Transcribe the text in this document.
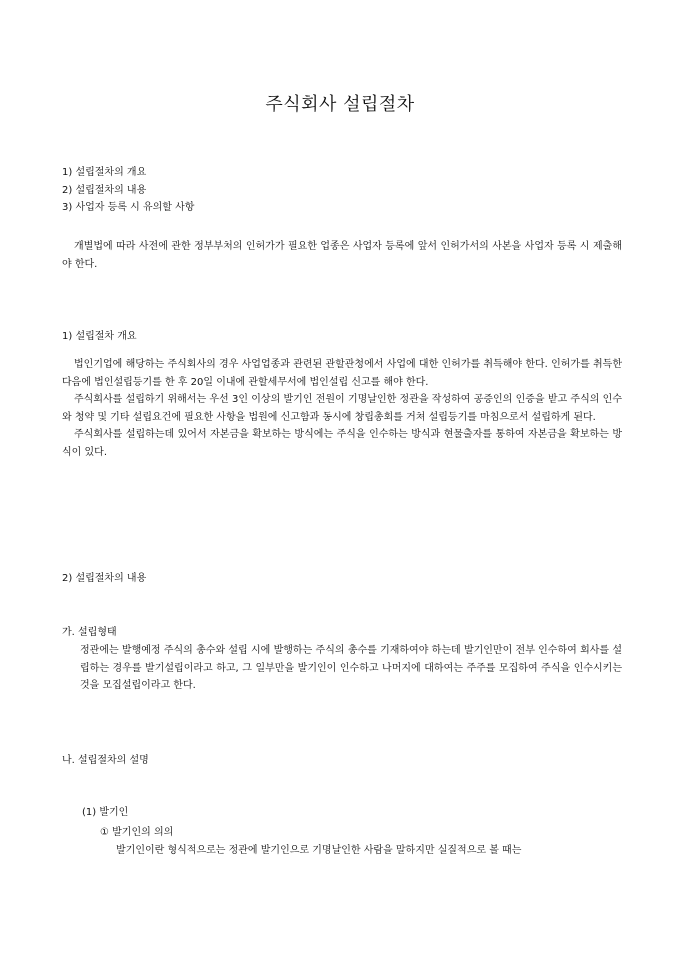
주식회사 설립절차
1) 설립절차의 개요
2) 설립절차의 내용
3) 사업자 등록 시 유의할 사항

개별법에 따라 사전에 관한 정부부처의 인허가가 필요한 업종은 사업자 등록에 앞서 인허가서의 사본을 사업자 등록 시 제출해야 한다.

1) 설립절차 개요

법인기업에 해당하는 주식회사의 경우 사업업종과 관련된 관할관청에서 사업에 대한 인허가를 취득해야 한다. 인허가를 취득한 다음에 법인설립등기를 한 후 20일 이내에 관할세무서에 법인설립 신고를 해야 한다.

주식회사를 설립하기 위해서는 우선 3인 이상의 발기인 전원이 기명날인한 정관을 작성하여 공증인의 인증을 받고 주식의 인수와 청약 및 기타 설립요건에 필요한 사항을 법원에 신고함과 동시에 창립총회를 거쳐 설립등기를 마침으로서 설립하게 된다.

주식회사를 설립하는데 있어서 자본금을 확보하는 방식에는 주식을 인수하는 방식과 현물출자를 통하여 자본금을 확보하는 방식이 있다.

2) 설립절차의 내용
가. 설립형태

정관에는 발행예정 주식의 총수와 설립 시에 발행하는 주식의 총수를 기재하여야 하는데 발기인만이 전부 인수하여 회사를 설립하는 경우를 발기설립이라고 하고, 그 일부만을 발기인이 인수하고 나머지에 대하여는 주주를 모집하여 주식을 인수시키는 것을 모집설립이라고 한다.

나. 설립절차의 설명
(1) 발기인
① 발기인의 의의
발기인이란 형식적으로는 정관에 발기인으로 기명날인한 사람을 말하지만 실질적으로 볼 때는
